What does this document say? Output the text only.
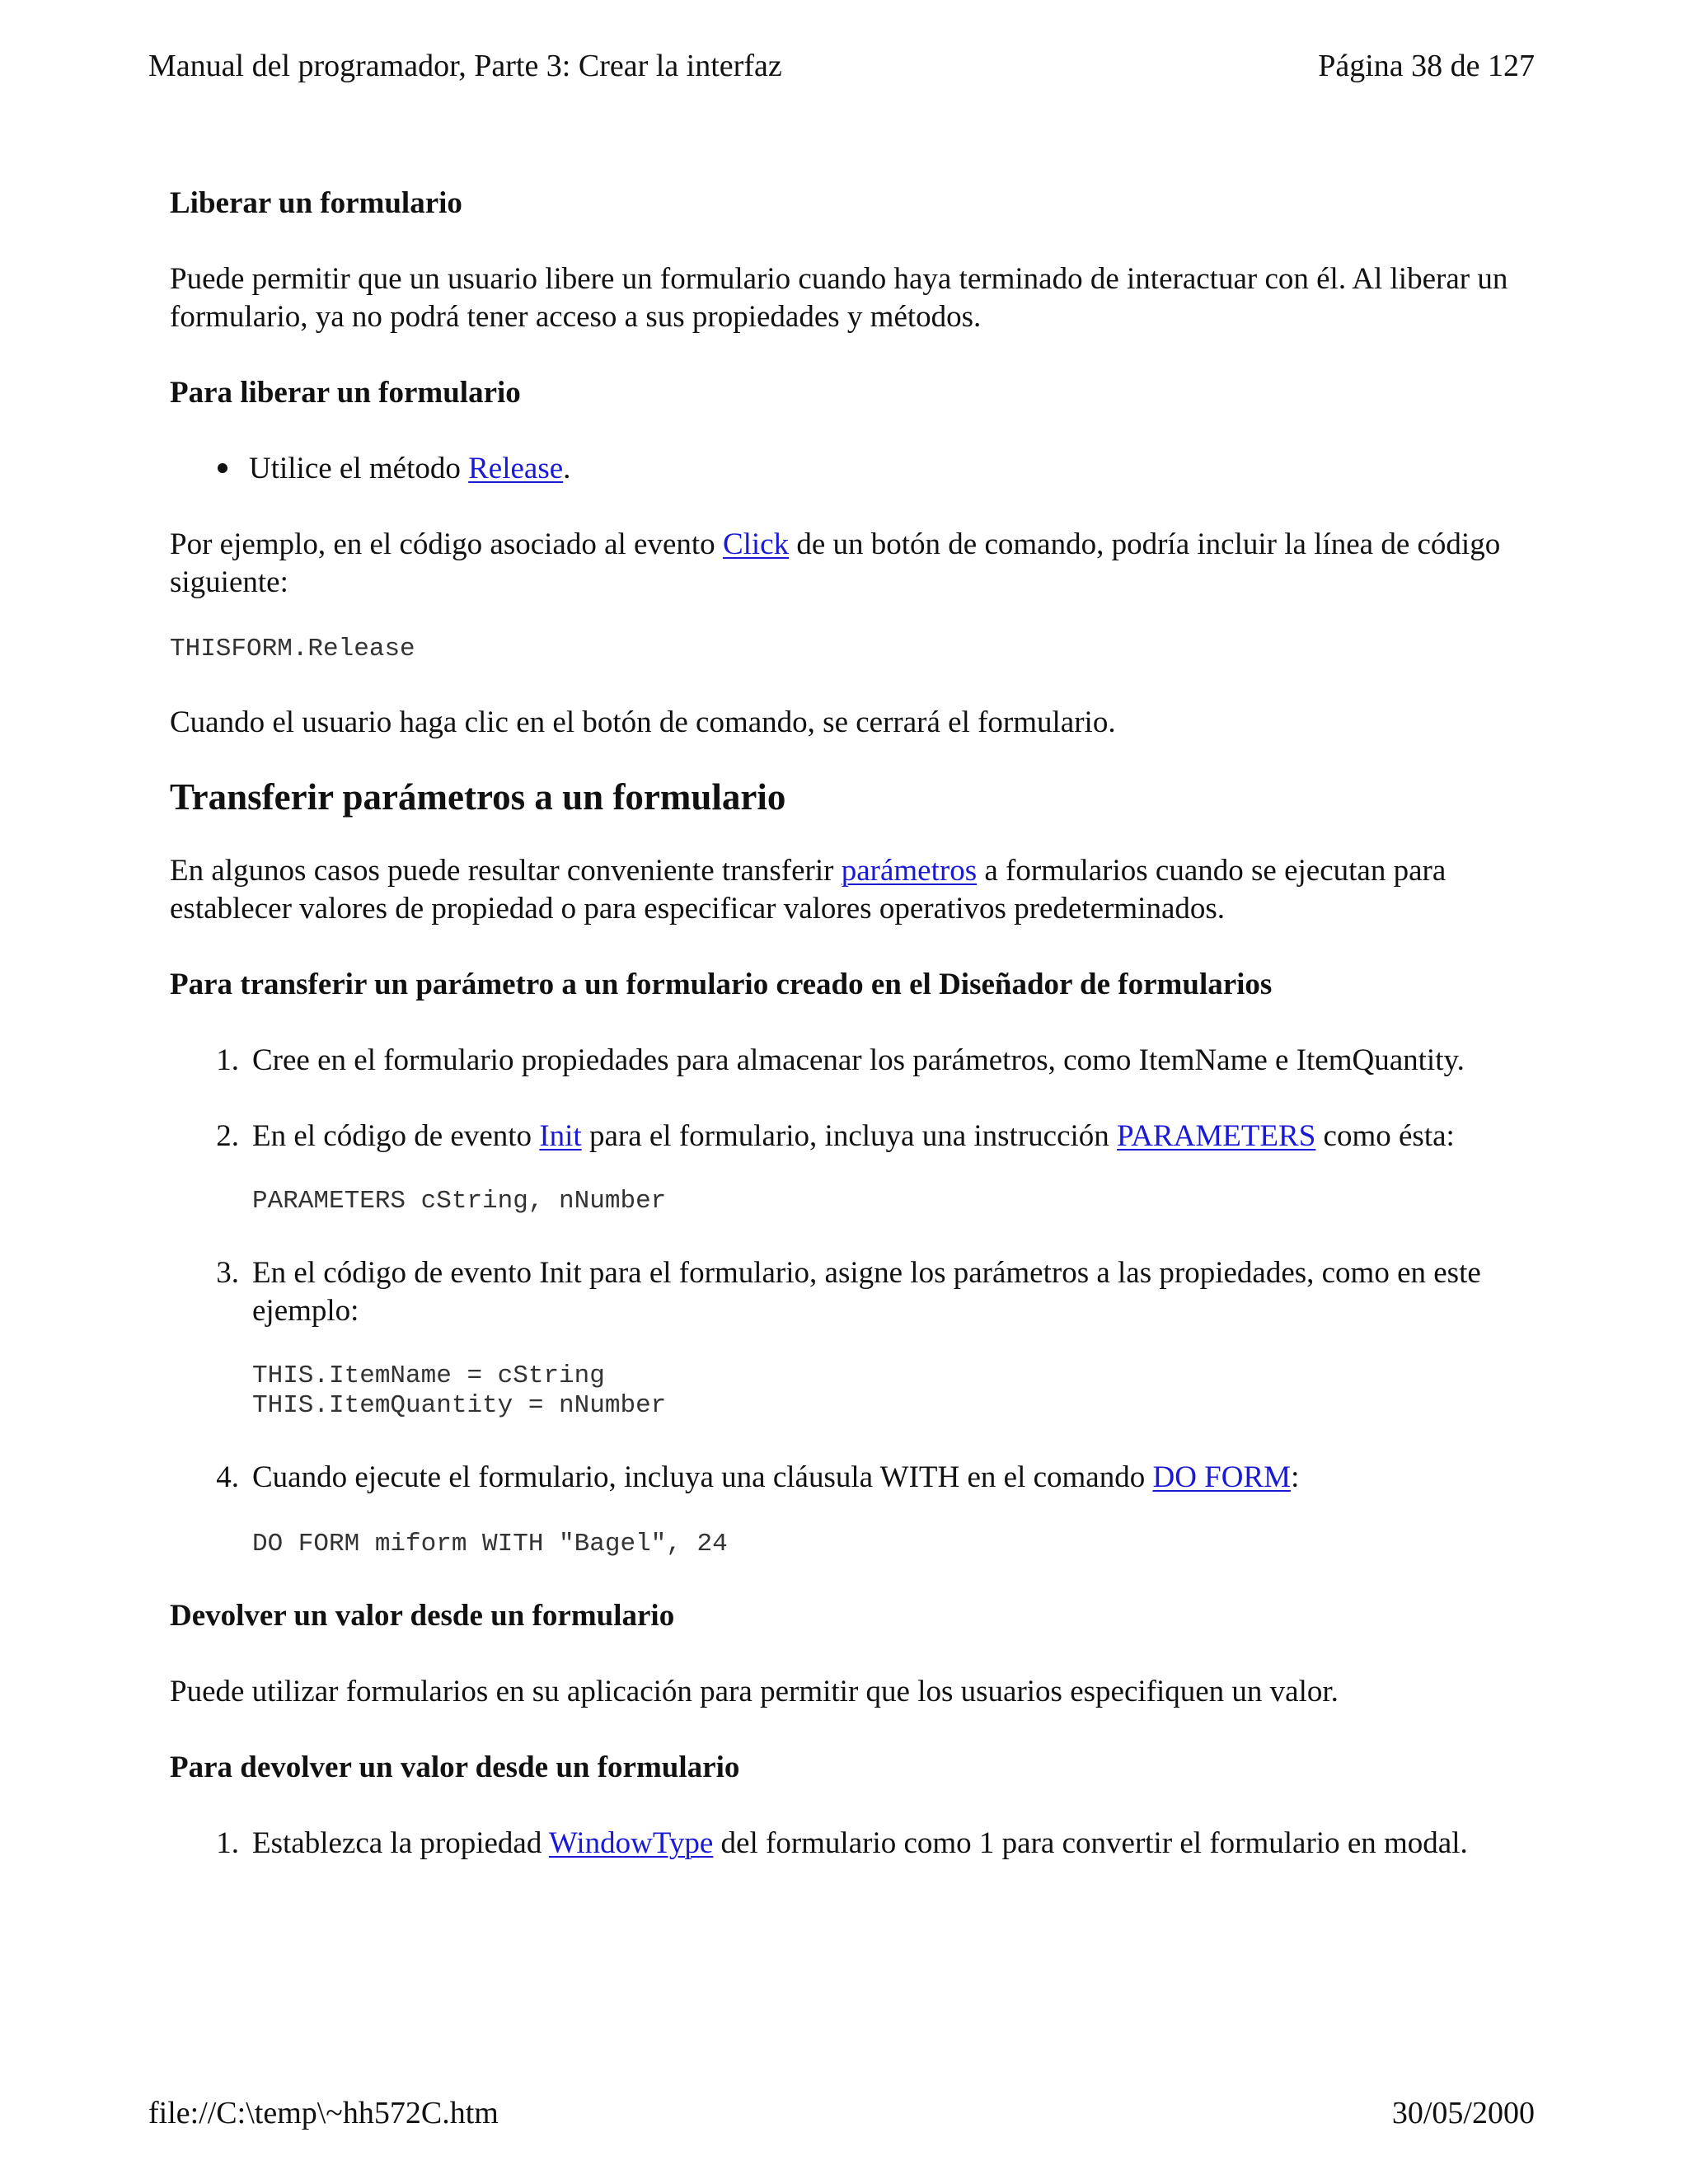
Manual del programador, Parte 3: Crear la interfaz	Página 38 de 127

Liberar un formulario

Puede permitir que un usuario libere un formulario cuando haya terminado de interactuar con él. Al liberar un formulario, ya no podrá tener acceso a sus propiedades y métodos.

Para liberar un formulario

Utilice el método Release.

Por ejemplo, en el código asociado al evento Click de un botón de comando, podría incluir la línea de código siguiente:

THISFORM.Release

Cuando el usuario haga clic en el botón de comando, se cerrará el formulario.

Transferir parámetros a un formulario

En algunos casos puede resultar conveniente transferir parámetros a formularios cuando se ejecutan para establecer valores de propiedad o para especificar valores operativos predeterminados.

Para transferir un parámetro a un formulario creado en el Diseñador de formularios

1. Cree en el formulario propiedades para almacenar los parámetros, como ItemName e ItemQuantity.
2. En el código de evento Init para el formulario, incluya una instrucción PARAMETERS como ésta:

PARAMETERS cString, nNumber

3. En el código de evento Init para el formulario, asigne los parámetros a las propiedades, como en este ejemplo:

THIS.ItemName = cString

THIS.ItemQuantity = nNumber

4. Cuando ejecute el formulario, incluya una cláusula WITH en el comando DO FORM:

DO FORM miform WITH "Bagel", 24

Devolver un valor desde un formulario

Puede utilizar formularios en su aplicación para permitir que los usuarios especifiquen un valor.

Para devolver un valor desde un formulario

1. Establezca la propiedad WindowType del formulario como 1 para convertir el formulario en modal.
file://C:\temp\~hh572C.htm	30/05/2000
